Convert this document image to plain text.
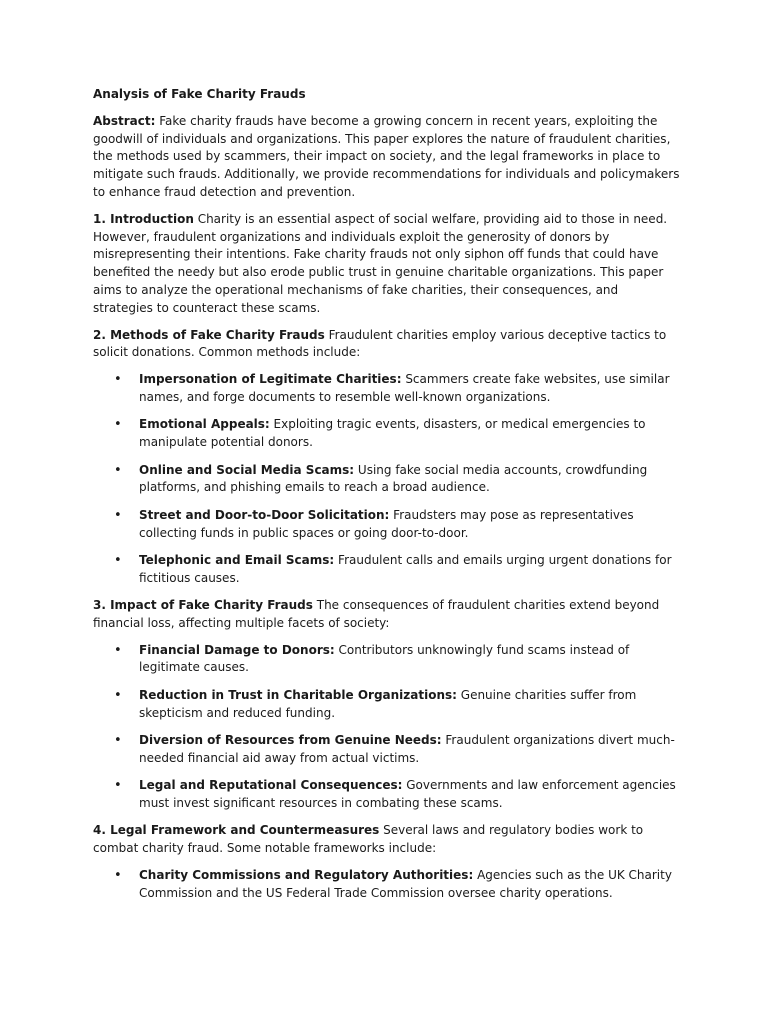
Analysis of Fake Charity Frauds

Abstract: Fake charity frauds have become a growing concern in recent years, exploiting the goodwill of individuals and organizations. This paper explores the nature of fraudulent charities, the methods used by scammers, their impact on society, and the legal frameworks in place to mitigate such frauds. Additionally, we provide recommendations for individuals and policymakers to enhance fraud detection and prevention.

1. Introduction Charity is an essential aspect of social welfare, providing aid to those in need. However, fraudulent organizations and individuals exploit the generosity of donors by misrepresenting their intentions. Fake charity frauds not only siphon off funds that could have benefited the needy but also erode public trust in genuine charitable organizations. This paper aims to analyze the operational mechanisms of fake charities, their consequences, and strategies to counteract these scams.

2. Methods of Fake Charity Frauds Fraudulent charities employ various deceptive tactics to solicit donations. Common methods include:

• Impersonation of Legitimate Charities: Scammers create fake websites, use similar names, and forge documents to resemble well-known organizations.
• Emotional Appeals: Exploiting tragic events, disasters, or medical emergencies to manipulate potential donors.
• Online and Social Media Scams: Using fake social media accounts, crowdfunding platforms, and phishing emails to reach a broad audience.
• Street and Door-to-Door Solicitation: Fraudsters may pose as representatives collecting funds in public spaces or going door-to-door.
• Telephonic and Email Scams: Fraudulent calls and emails urging urgent donations for fictitious causes.

3. Impact of Fake Charity Frauds The consequences of fraudulent charities extend beyond financial loss, affecting multiple facets of society:

• Financial Damage to Donors: Contributors unknowingly fund scams instead of legitimate causes.
• Reduction in Trust in Charitable Organizations: Genuine charities suffer from skepticism and reduced funding.
• Diversion of Resources from Genuine Needs: Fraudulent organizations divert much-needed financial aid away from actual victims.
• Legal and Reputational Consequences: Governments and law enforcement agencies must invest significant resources in combating these scams.

4. Legal Framework and Countermeasures Several laws and regulatory bodies work to combat charity fraud. Some notable frameworks include:

• Charity Commissions and Regulatory Authorities: Agencies such as the UK Charity Commission and the US Federal Trade Commission oversee charity operations.
